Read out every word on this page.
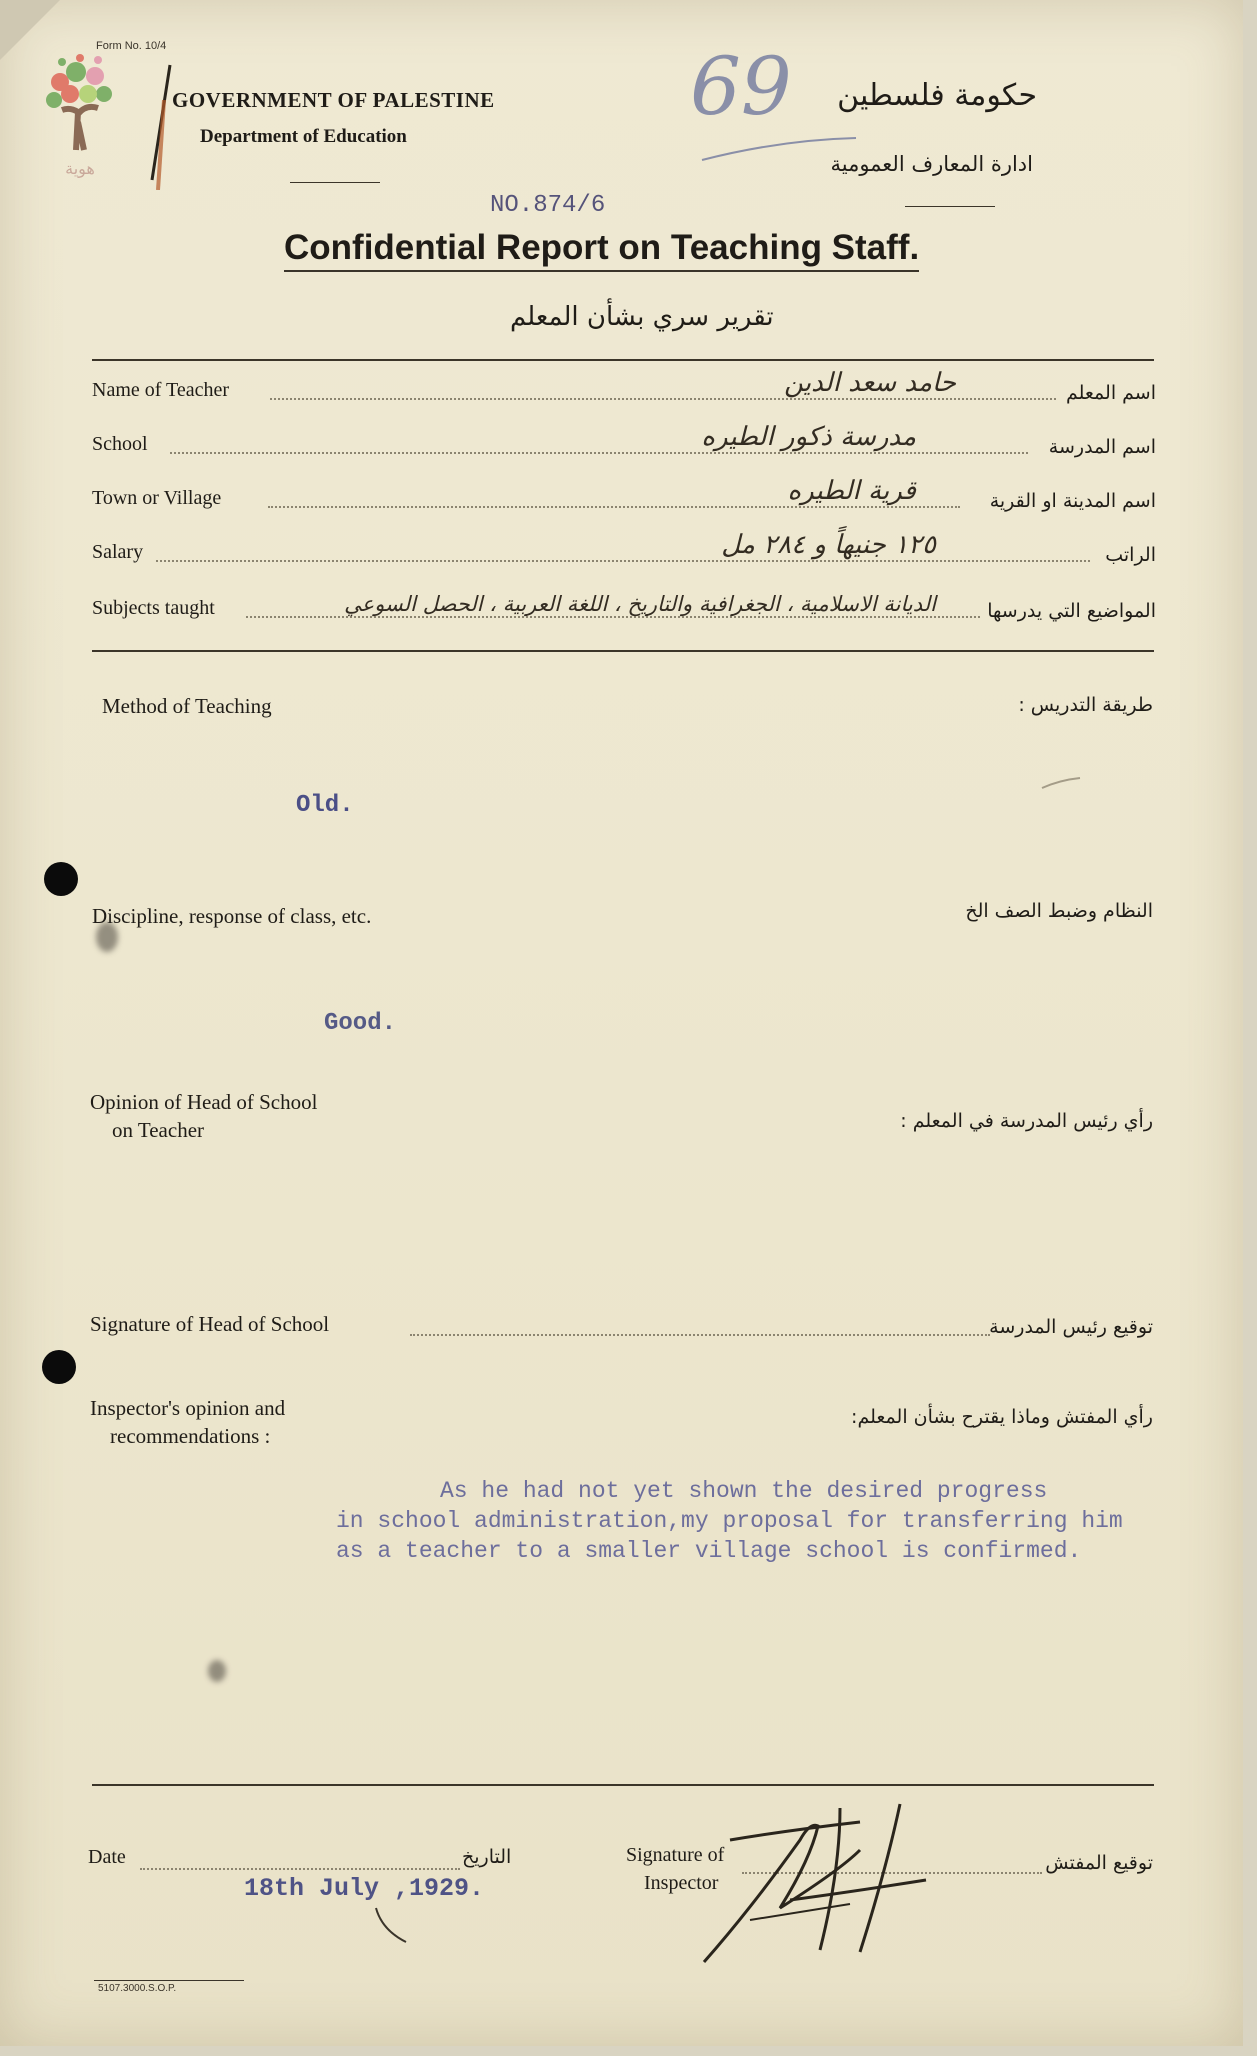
هوية
Form No. 10/4
GOVERNMENT OF PALESTINE
Department of Education
69 حكومة فلسطين
ادارة المعارف العمومية
NO.874/6
Confidential Report on Teaching Staff.
تقرير سري بشأن المعلم
Name of Teacher	حامد سعد الدين	اسم المعلم
School	مدرسة ذكور الطيره	اسم المدرسة
Town or Village	قرية الطيره	اسم المدينة او القرية
Salary	١٢٥ جنيهاً و ٢٨٤ مل	الراتب
Subjects taught	الديانة الاسلامية ، الجغرافية والتاريخ ، اللغة العربية ، الحصل السوعي	المواضيع التي يدرسها
Method of Teaching	طريقة التدريس :
Old.
Discipline, response of class, etc.	النظام وضبط الصف الخ
Good.
Opinion of Head of School
on Teacher	رأي رئيس المدرسة في المعلم :
Signature of Head of School	توقيع رئيس المدرسة
Inspector's opinion and
recommendations :
رأي المفتش وماذا يقترح بشأن المعلم:
As he had not yet shown the desired progress
in school administration,my proposal for transferring him
as a teacher to a smaller village school is confirmed.
Date	التاريخ
18th July ,1929.
Signature of
Inspector
توقيع المفتش
5107.3000.S.O.P.
